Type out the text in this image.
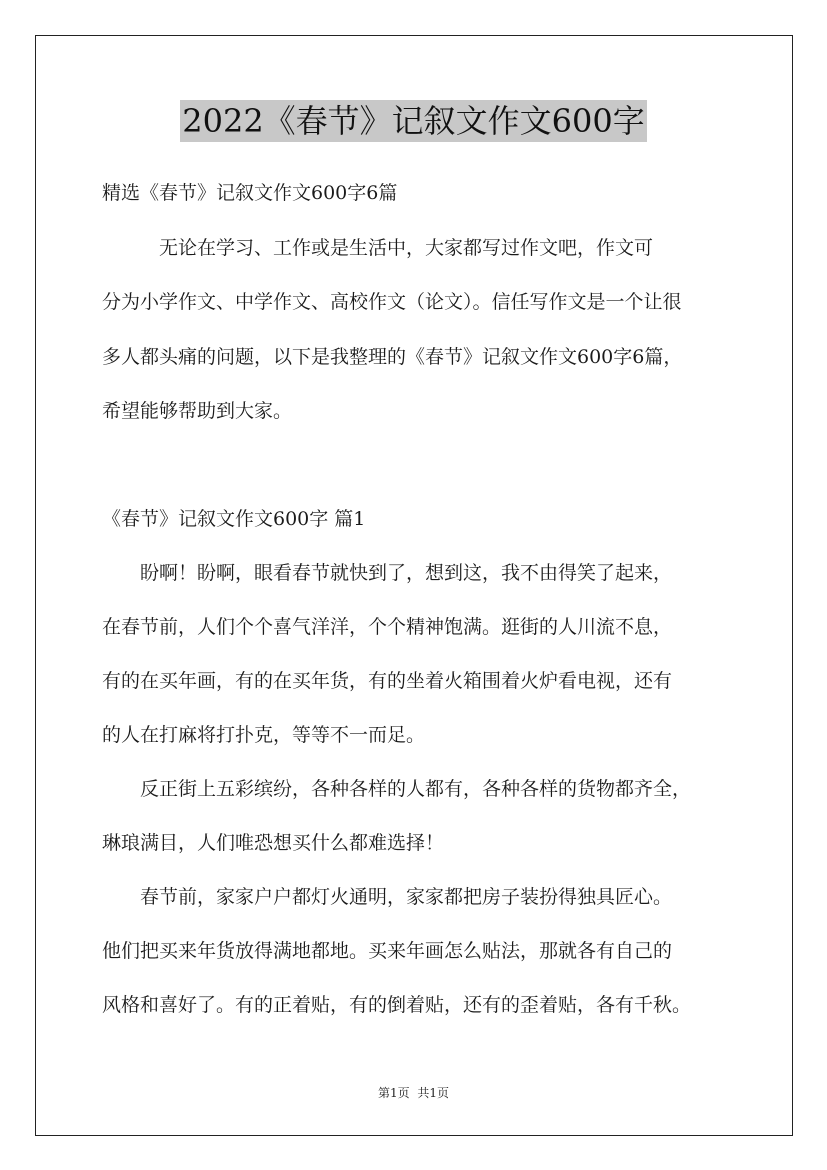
2022《春节》记叙文作文600字
精选《春节》记叙文作文600字6篇
　　　无论在学习、工作或是生活中，大家都写过作文吧，作文可
分为小学作文、中学作文、高校作文（论文）。信任写作文是一个让很
多人都头痛的问题，以下是我整理的《春节》记叙文作文600字6篇，
希望能够帮助到大家。
《春节》记叙文作文600字 篇1
　　盼啊！盼啊，眼看春节就快到了，想到这，我不由得笑了起来，
在春节前，人们个个喜气洋洋，个个精神饱满。逛街的人川流不息，
有的在买年画，有的在买年货，有的坐着火箱围着火炉看电视，还有
的人在打麻将打扑克，等等不一而足。
　　反正街上五彩缤纷，各种各样的人都有，各种各样的货物都齐全，
琳琅满目，人们唯恐想买什么都难选择！
　　春节前，家家户户都灯火通明，家家都把房子装扮得独具匠心。
他们把买来年货放得满地都地。买来年画怎么贴法，那就各有自己的
风格和喜好了。有的正着贴，有的倒着贴，还有的歪着贴，各有千秋。
第1页 共1页
